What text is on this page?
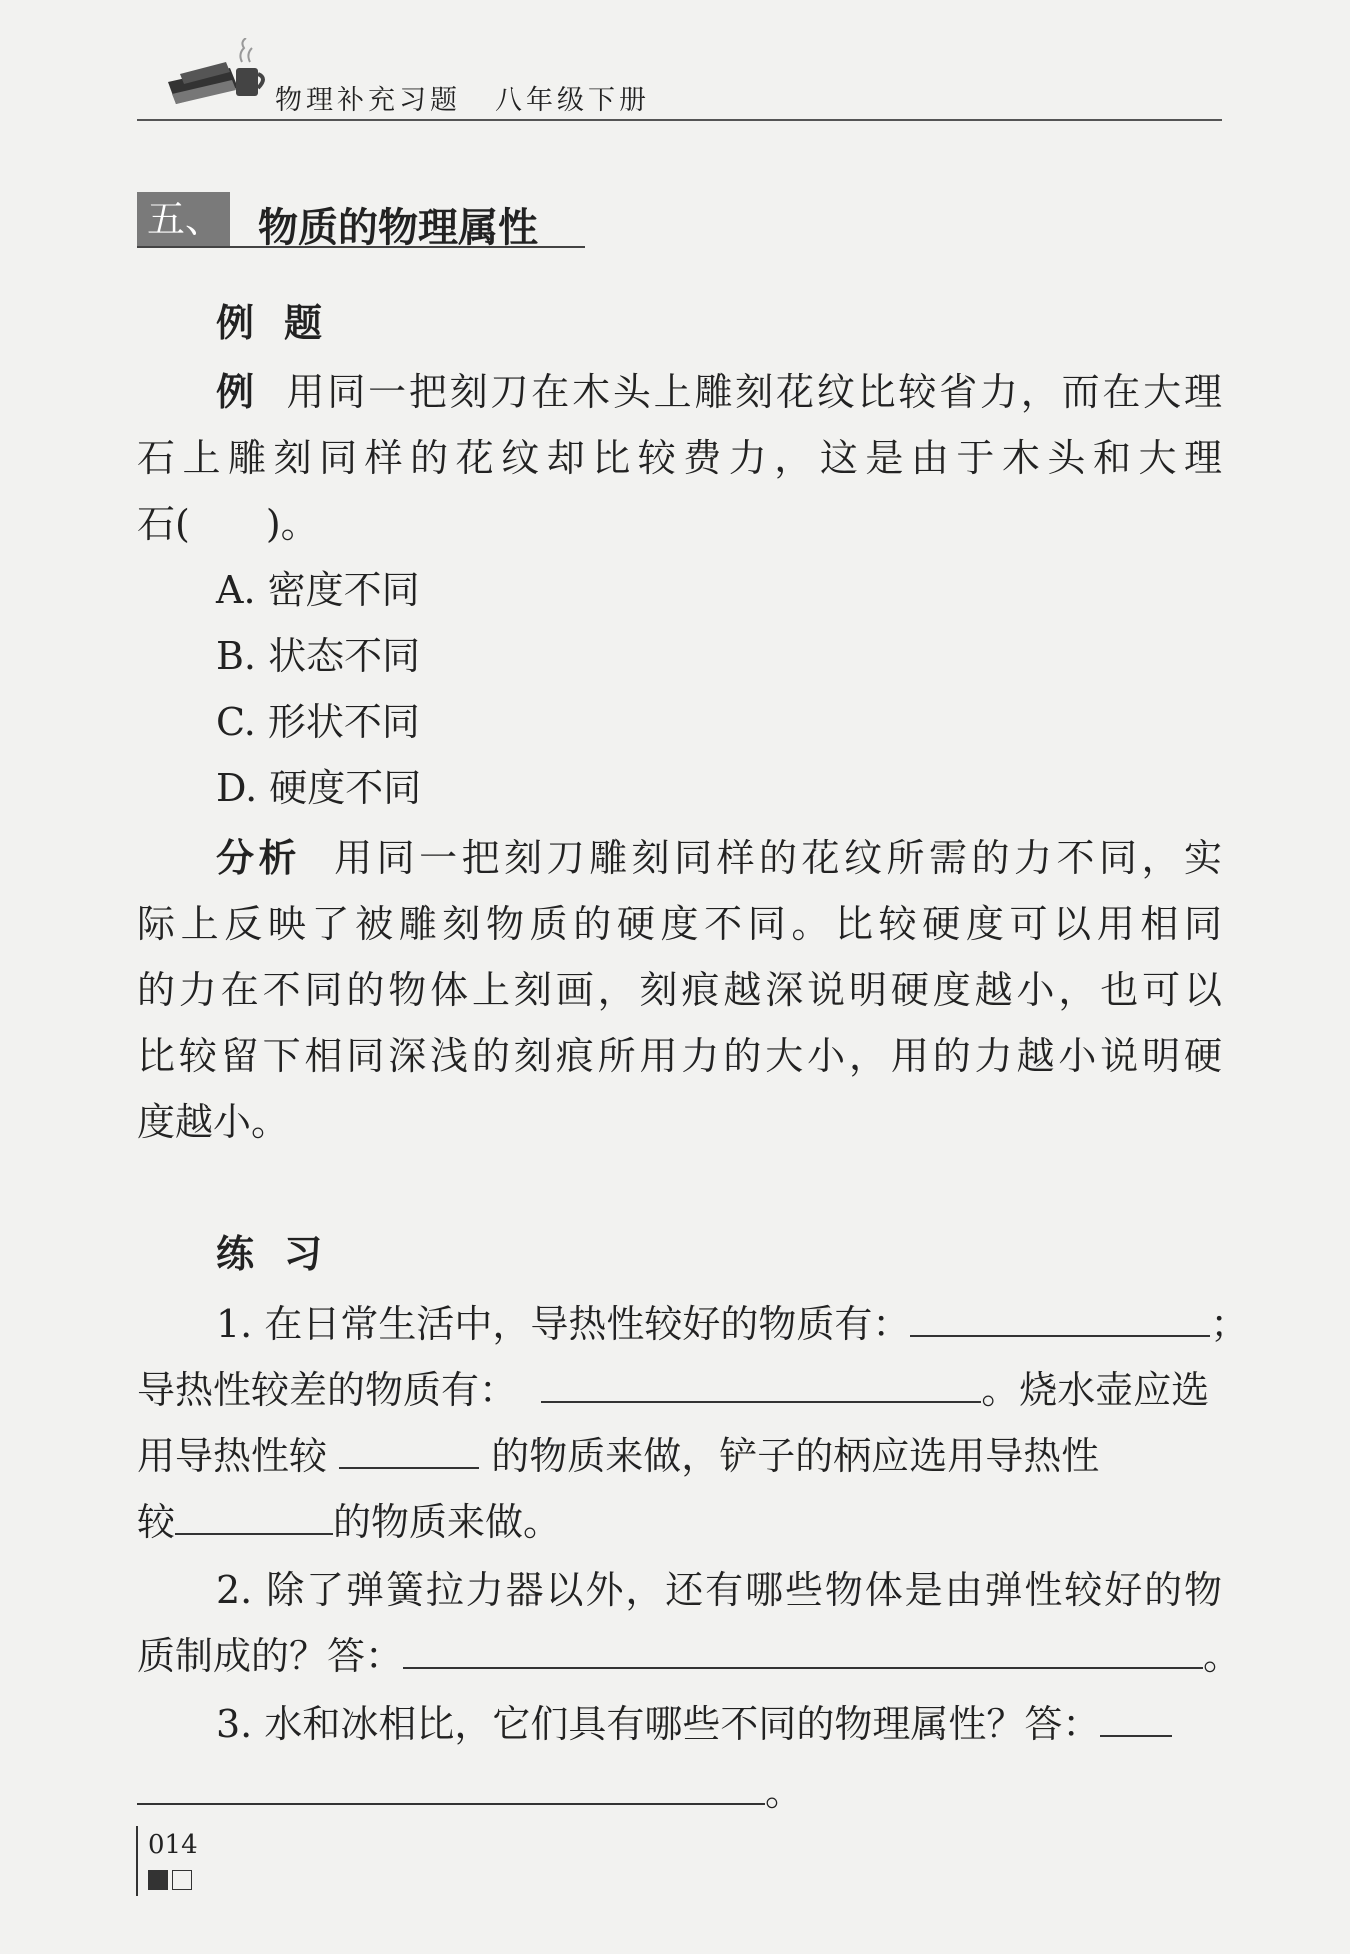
物理补充习题 八年级下册
五、 物质的物理属性
例题
例 用同一把刻刀在木头上雕刻花纹比较省力，而在大理
石上雕刻同样的花纹却比较费力，这是由于木头和大理
石(　　)。
A. 密度不同
B. 状态不同
C. 形状不同
D. 硬度不同
分析 用同一把刻刀雕刻同样的花纹所需的力不同，实
际上反映了被雕刻物质的硬度不同。比较硬度可以用相同
的力在不同的物体上刻画，刻痕越深说明硬度越小，也可以
比较留下相同深浅的刻痕所用力的大小，用的力越小说明硬
度越小。
练习
1. 在日常生活中，导热性较好的物质有：	；
导热性较差的物质有：	。烧水壶应选
用导热性较	的物质来做，铲子的柄应选用导热性
较	的物质来做。
2. 除了弹簧拉力器以外，还有哪些物体是由弹性较好的物
质制成的？答：	。
3. 水和冰相比，它们具有哪些不同的物理属性？答：
。
014
